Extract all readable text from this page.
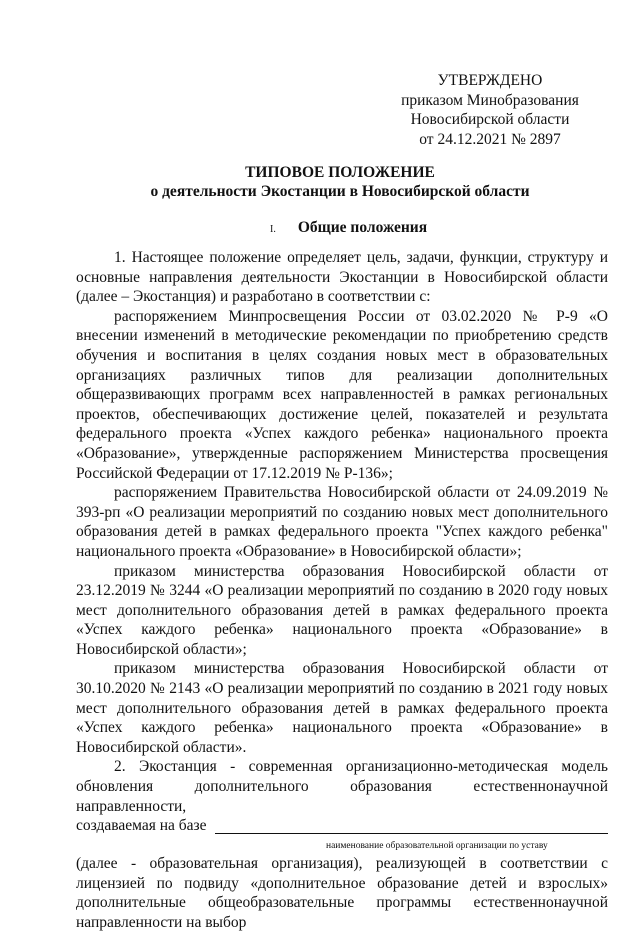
УТВЕРЖДЕНО
приказом Минобразования
Новосибирской области
от 24.12.2021 № 2897
ТИПОВОЕ ПОЛОЖЕНИЕ
о деятельности Экостанции в Новосибирской области
I. Общие положения

1. Настоящее положение определяет цель, задачи, функции, структуру и основные направления деятельности Экостанции в Новосибирской области (далее – Экостанция) и разработано в соответствии с:

распоряжением Минпросвещения России от 03.02.2020 № Р-9 «О внесении изменений в методические рекомендации по приобретению средств обучения и воспитания в целях создания новых мест в образовательных организациях различных типов для реализации дополнительных общеразвивающих программ всех направленностей в рамках региональных проектов, обеспечивающих достижение целей, показателей и результата федерального проекта «Успех каждого ребенка» национального проекта «Образование», утвержденные распоряжением Министерства просвещения Российской Федерации от 17.12.2019 № Р-136»;

распоряжением Правительства Новосибирской области от 24.09.2019 № 393-рп «О реализации мероприятий по созданию новых мест дополнительного образования детей в рамках федерального проекта "Успех каждого ребенка" национального проекта «Образование» в Новосибирской области»;

приказом министерства образования Новосибирской области от 23.12.2019 № 3244 «О реализации мероприятий по созданию в 2020 году новых мест дополнительного образования детей в рамках федерального проекта «Успех каждого ребенка» национального проекта «Образование» в Новосибирской области»;

приказом министерства образования Новосибирской области от 30.10.2020 № 2143 «О реализации мероприятий по созданию в 2021 году новых мест дополнительного образования детей в рамках федерального проекта «Успех каждого ребенка» национального проекта «Образование» в Новосибирской области».

2. Экостанция - современная организационно-методическая модель обновления дополнительного образования естественнонаучной направленности,

создаваемая на базе
наименование образовательной организации по уставу

(далее - образовательная организация), реализующей в соответствии с лицензией по подвиду «дополнительное образование детей и взрослых» дополнительные общеобразовательные программы естественнонаучной направленности на выбор
